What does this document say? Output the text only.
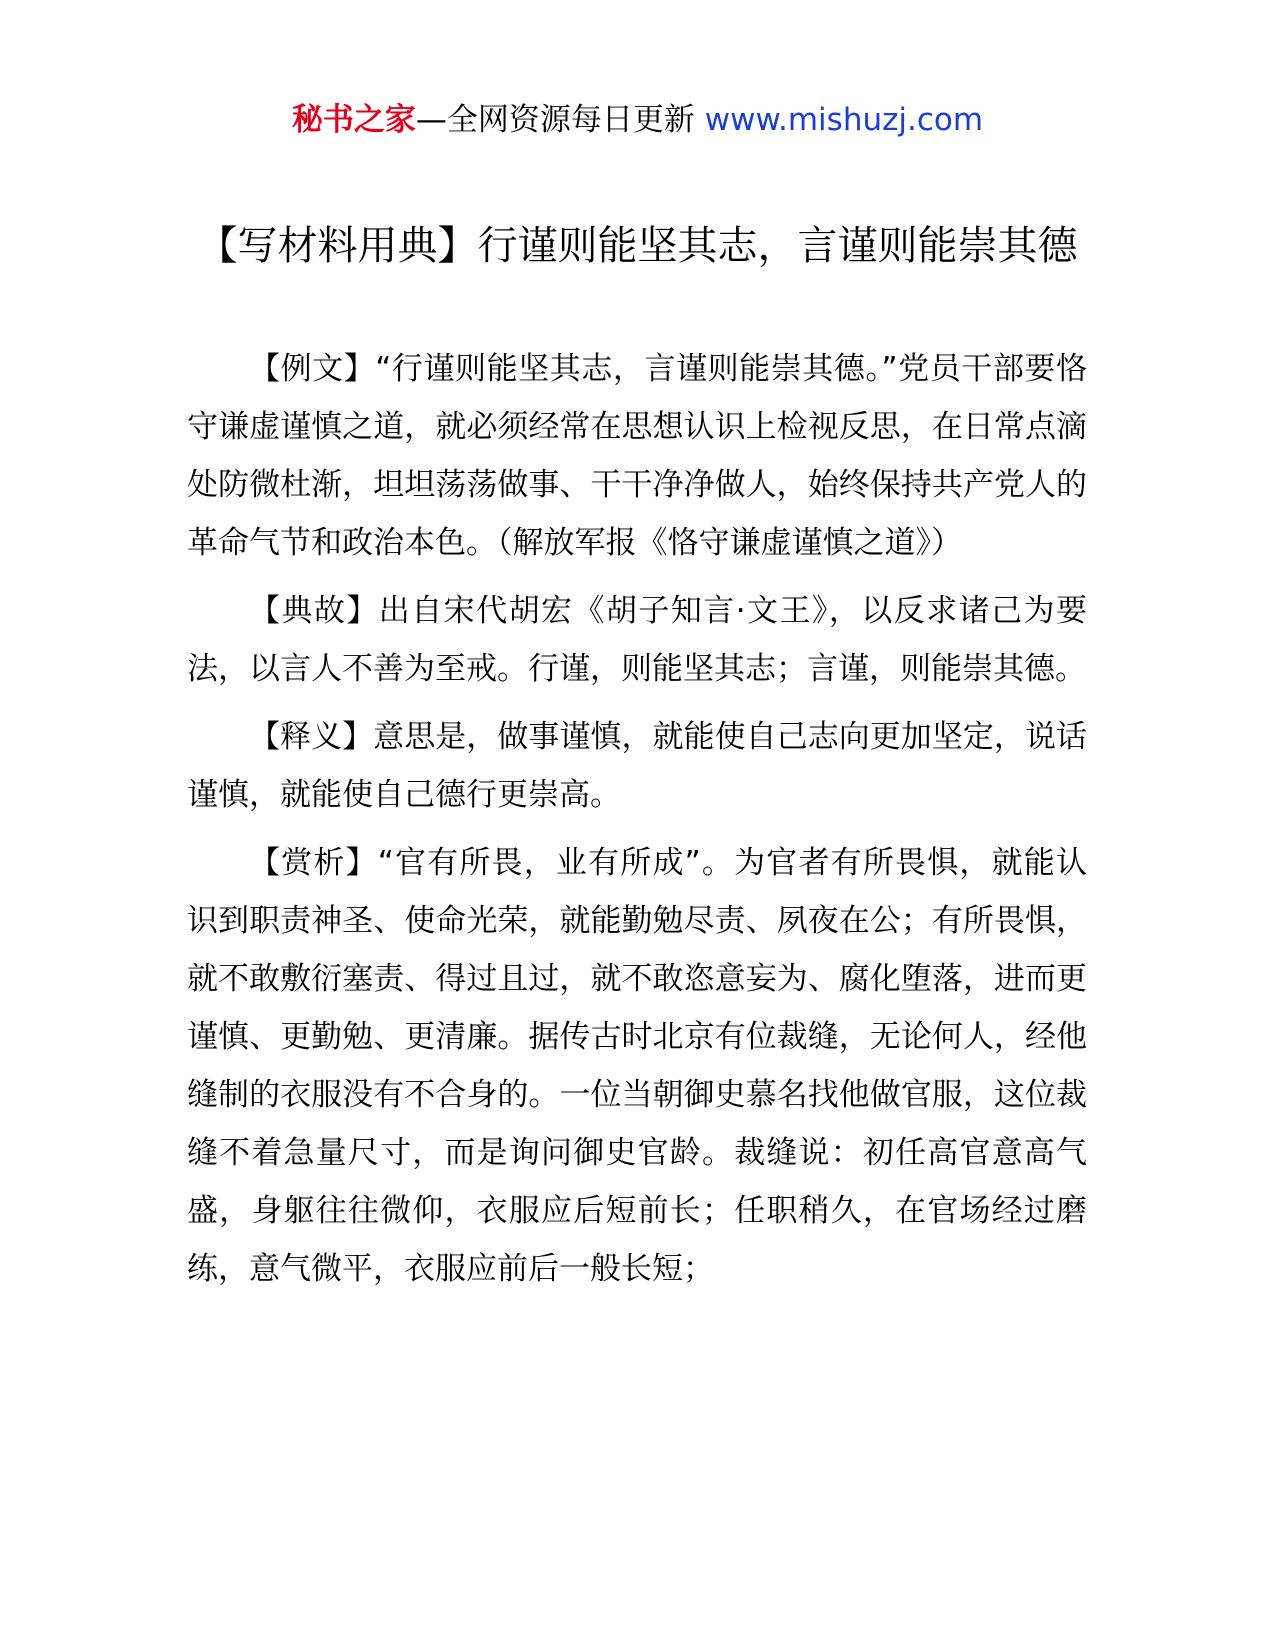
秘书之家—全网资源每日更新 www.mishuzj.com
【写材料用典】行谨则能坚其志，言谨则能崇其德

【例文】“行谨则能坚其志，言谨则能崇其德。”党员干部要恪守谦虚谨慎之道，就必须经常在思想认识上检视反思，在日常点滴处防微杜渐，坦坦荡荡做事、干干净净做人，始终保持共产党人的革命气节和政治本色。（解放军报《恪守谦虚谨慎之道》）

【典故】出自宋代胡宏《胡子知言·文王》，以反求诸己为要法，以言人不善为至戒。行谨，则能坚其志；言谨，则能崇其德。

【释义】意思是，做事谨慎，就能使自己志向更加坚定，说话谨慎，就能使自己德行更崇高。

【赏析】“官有所畏，业有所成”。为官者有所畏惧，就能认识到职责神圣、使命光荣，就能勤勉尽责、夙夜在公；有所畏惧，就不敢敷衍塞责、得过且过，就不敢恣意妄为、腐化堕落，进而更谨慎、更勤勉、更清廉。据传古时北京有位裁缝，无论何人，经他缝制的衣服没有不合身的。一位当朝御史慕名找他做官服，这位裁缝不着急量尺寸，而是询问御史官龄。裁缝说：初任高官意高气盛，身躯往往微仰，衣服应后短前长；任职稍久，在官场经过磨练，意气微平，衣服应前后一般长短；
